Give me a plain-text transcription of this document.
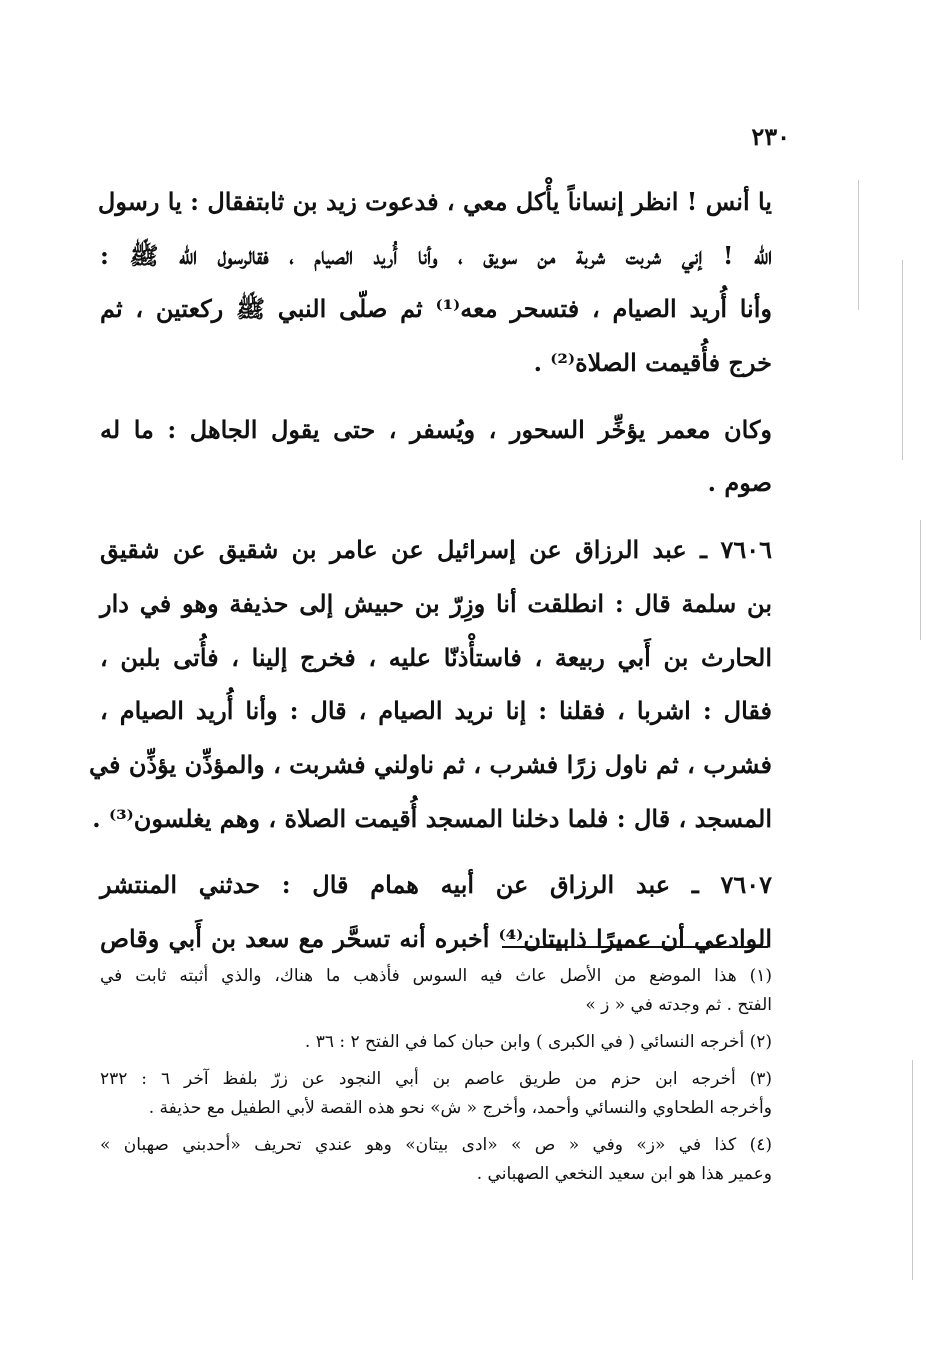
٢٣٠
يا أنس ! انظر إنساناً يأْكل معي ، فدعوت زيد بن ثابتفقال : يا رسول
الله ! إني شربت شربة من سويق ، وأنا أُريد الصيام ، فقالرسول الله ﷺ :
وأنا أُريد الصيام ، فتسحر معه⁽¹⁾ ثم صلّى النبي ﷺ ركعتين ، ثم
خرج فأُقيمت الصلاة⁽²⁾ .
وكان معمر يؤخِّر السحور ، ويُسفر ، حتى يقول الجاهل : ما له
صوم .
٧٦٠٦ ـ عبد الرزاق عن إسرائيل عن عامر بن شقيق عن شقيق
بن سلمة قال : انطلقت أنا وزِرّ بن حبيش إلى حذيفة وهو في دار
الحارث بن أَبي ربيعة ، فاستأْذنّا عليه ، فخرج إلينا ، فأُتى بلبن ،
فقال : اشربا ، فقلنا : إنا نريد الصيام ، قال : وأنا أُريد الصيام ،
فشرب ، ثم ناول زرًا فشرب ، ثم ناولني فشربت ، والمؤذِّن يؤذِّن في
المسجد ، قال : فلما دخلنا المسجد أُقيمت الصلاة ، وهم يغلسون⁽³⁾ .
٧٦٠٧ ـ عبد الرزاق عن أبيه همام قال : حدثني المنتشر
الوادعي أن عميرًا ذابيتان⁽⁴⁾ أخبره أنه تسحَّر مع سعد بن أَبي وقاص
(١) هذا الموضع من الأصل عاث فيه السوس فأذهب ما هناك، والذي أثبته ثابت في
الفتح . ثم وجدته في « ز »
(٢) أخرجه النسائي ( في الكبرى ) وابن حبان كما في الفتح ٢ : ٣٦ .
(٣) أخرجه ابن حزم من طريق عاصم بن أبي النجود عن زرّ بلفظ آخر ٦ : ٢٣٢
وأخرجه الطحاوي والنسائي وأحمد، وأخرج « ش» نحو هذه القصة لأبي الطفيل مع حذيفة .
(٤) كذا في «ز» وفي « ص » «ادى بيتان» وهو عندي تحريف «أحدبني صهبان »
وعمير هذا هو ابن سعيد النخعي الصهباني .
